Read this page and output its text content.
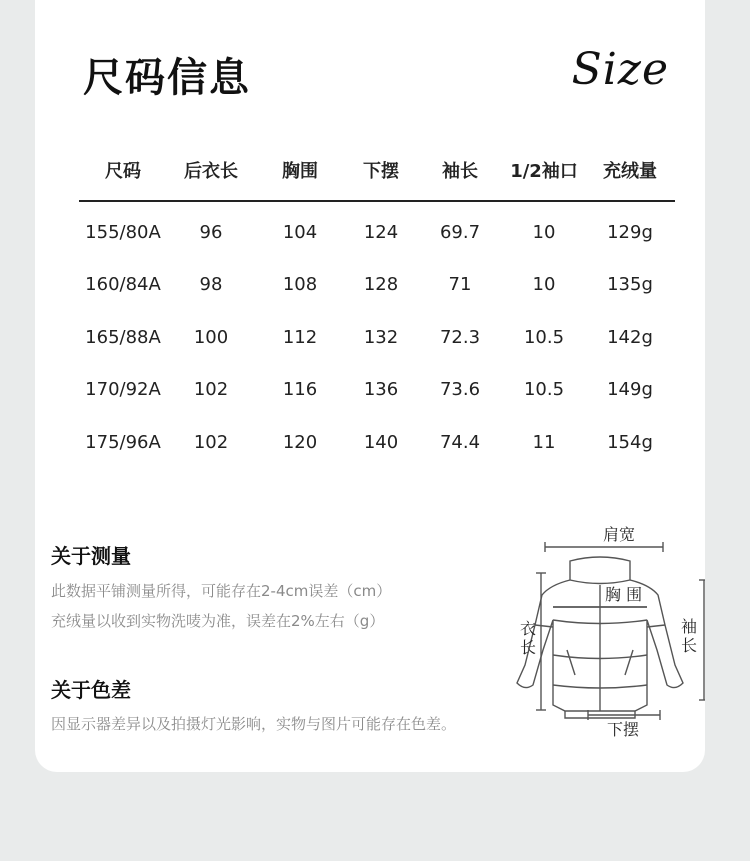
尺码信息	Size
尺码	后衣长	胸围	下摆	袖长	1/2袖口	充绒量
155/80A	96	104	124	69.7	10	129g
160/84A	98	108	128	71	10	135g
165/88A	100	112	132	72.3	10.5	142g
170/92A	102	116	136	73.6	10.5	149g
175/96A	102	120	140	74.4	11	154g
关于测量
此数据平铺测量所得，可能存在2-4cm误差（cm）
充绒量以收到实物洗唛为准，误差在2%左右（g）
关于色差
因显示器差异以及拍摄灯光影响，实物与图片可能存在色差。
肩宽
胸 围
衣
长
袖
长
下摆
